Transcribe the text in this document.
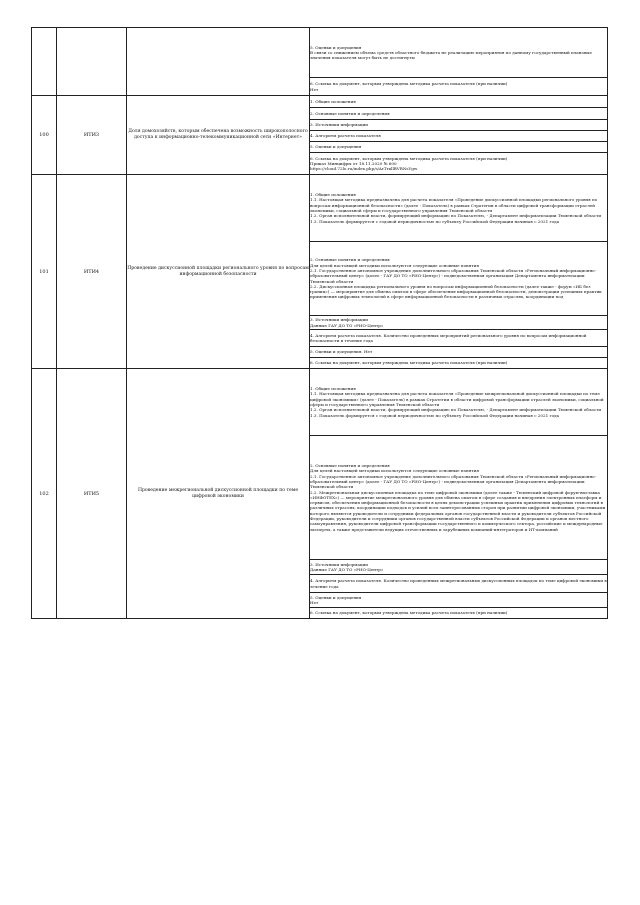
			5. Оценки и допущения

В связи со снижением объема средств областного бюджета не реализацию мероприятия по данному государственный плановые значения показателя могут быть не достигнуты

			6. Ссылка на документ, которым утверждена методика расчета показателя (при наличии)

Нет

100	ИТИ3	Доля домохозяйств, которым обеспечена возможность широкополосного доступа к информационно-телекоммуникационной сети «Интернет»	1. Общие положения

			2. Основные понятия и определения

			3. Источники информации

			4. Алгоритм расчета показателя

			5. Оценки и допущения

			6. Ссылка на документ, которым утверждена методика расчета показателя (при наличии)

Приказ Минцифры от 18.11.2020 № 600

https://cloud.72lo.ru/index.php/s/ArTrnllBVRNsYgw

101	ИТИ4	Проведение дискуссионной площадки регионального уровня по вопросам информационной безопасности	1. Общие положения

1.1. Настоящая методика предназначена для расчета показателя «Проведение дискуссионной площадки регионального уровня по вопросам информационной безопасности» (далее - Показатель) в рамках Стратегии в области цифровой трансформации отраслей экономики, социальной сферы и государственного управления Тюменской области

1.2. Орган исполнительной власти, формирующий информацию по Показателю, - Департамент информатизации Тюменской области

1.3. Показатель формируется с годовой периодичностью по субъекту Российской Федерации начиная с 2021 года

			2. Основные понятия и определения

Для целей настоящей методики используются следующие основные понятия

2.1. Государственное автономное учреждение дополнительного образования Тюменской области «Региональный информационно-образовательный центр» (далее - ГАУ ДО ТО «РИО-Центр») - подведомственная организация Департамента информатизации Тюменской области

2.2. Дискуссионная площадка регионального уровня по вопросам информационной безопасности (далее также - форум «ИБ без границ») — мероприятие для обмена опытом в сфере обеспечения информационной безопасности, демонстрации успешных практик применения цифровых технологий в сфере информационной безопасности в различных отраслях, координации под

			3. Источники информации

Данные ГАУ ДО ТО «РИО-Центр»

			4. Алгоритм расчета показателя. Количество проведенных мероприятий регионального уровня по вопросам информационной безопасности в течение года

			5. Оценки и допущения. Нет

			6. Ссылка на документ, которым утверждена методика расчета показателя (при наличии)

102	ИТИ5	Проведение межрегиональной дискуссионной площадки по теме цифровой экономики	1. Общие положения

1.1. Настоящая методика предназначена для расчета показателя «Проведение межрегиональной дискуссионной площадки по теме цифровой экономики» (далее - Показатель) в рамках Стратегии в области цифровой трансформации отраслей экономики, социальной сферы и государственного управления Тюменской области

1.2. Орган исполнительной власти, формирующий информацию по Показателю, - Департамент информатизации Тюменской области

1.3. Показатель формируется с годовой периодичностью по субъекту Российской Федерации начиная с 2021 года

			2. Основные понятия и определения

Для целей настоящей методики используются следующие основные понятия

2.1. Государственное автономное учреждение дополнительного образования Тюменской области «Региональный информационно-образовательный центр» (далее - ГАУ ДО ТО «РИО-Центр») - подведомственная организация Департамента информатизации Тюменской области

2.2. Межрегиональная дискуссионная площадка по теме цифровой экономики (далее также - Тюменский цифровой форум-выставка «ИНФОТЕХ») — мероприятие межрегионального уровня для обмена опытом в сфере создания и внедрения электронных платформ и сервисов, обеспечения информационной безопасности в целях демонстрации успешных практик применения цифровых технологий в различных отраслях, координации подходов и усилий всех заинтересованных сторон при развитии цифровой экономики, участниками которого являются руководители и сотрудники федеральных органов государственной власти и руководители субъектов Российской Федерации, руководители и сотрудники органов государственной власти субъектов Российской Федерации и органов местного самоуправления, руководители цифровой трансформации государственного и коммерческого сектора, российские и международные эксперты, а также представители ведущих отечественных и зарубежных компаний-интеграторов и ИТ-компаний

			3. Источники информации

Данные ГАУ ДО ТО «РИО-Центр»

			4. Алгоритм расчета показателя. Количество проведенных межрегиональных дискуссионных площадок по теме цифровой экономики в течение года

			5. Оценки и допущения

Нет

			6. Ссылка на документ, которым утверждена методика расчета показателя (при наличии)
